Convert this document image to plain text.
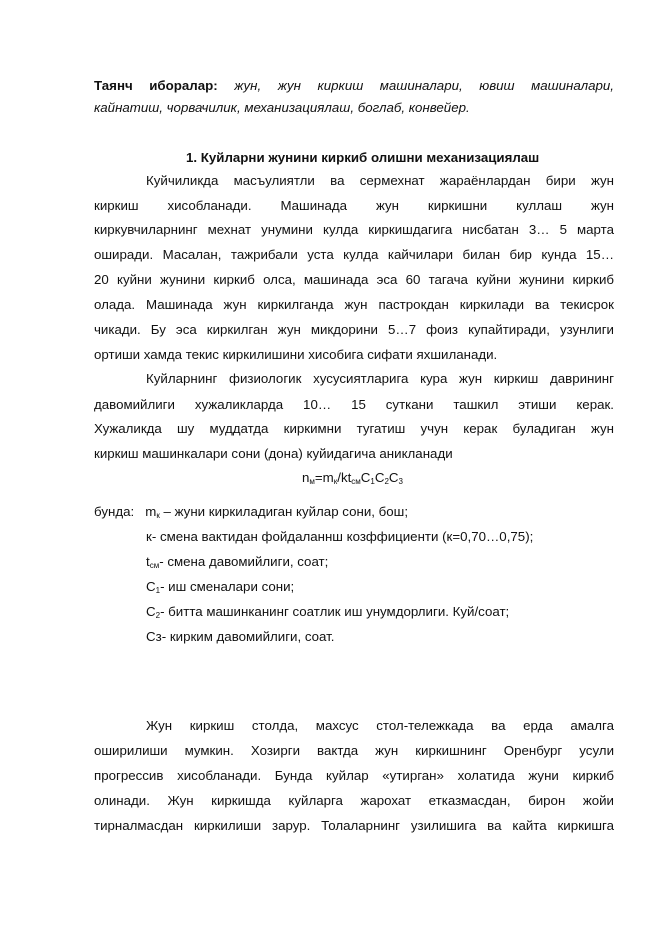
Таянч иборалар: жун, жун киркиш машиналари, ювиш машиналари,
кайнатиш, чорвачилик, механизациялаш, боглаб, конвейер.
1. Куйларни жунини киркиб олишни механизациялаш
Куйчиликда масъулиятли ва сермехнат жараёнлардан бири жун
киркиш хисобланади. Машинада жун киркишни куллаш жун
киркувчиларнинг мехнат унумини кулда киркишдагига нисбатан 3… 5 марта
оширади. Масалан, тажрибали уста кулда кайчилари билан бир кунда 15…
20 куйни жунини киркиб олса, машинада эса 60 тагача куйни жунини киркиб
олада. Машинада жун киркилганда жун пастрокдан киркилади ва текисрок
чикади. Бу эса киркилган жун микдорини 5…7 фоиз купайтиради, узунлиги
ортиши хамда текис киркилишини хисобига сифати яхшиланади.
Куйларнинг физиологик хусусиятларига кура жун киркиш даврининг
давомийлиги хужаликларда 10… 15 суткани ташкил этиши керак.
Хужаликда шу муддатда киркимни тугатиш учун керак буладиган жун
киркиш машинкалари сони (дона) куйидагича аникланади
$n_м=m_к/kt_{см}C_1C_2C_3$
бунда: $m_к$ – жуни киркиладиган куйлар сони, бош;
к- смена вактидан фойдаланнш козффициенти (к=0,70…0,75);
$t_{см}-$ смена давомийлиги, соат;
$С_1-$ иш сменалари сони;
$С_2-$ битта машинканинг соатлик иш унумдорлиги. Куй/соат;
Сз- кирким давомийлиги, соат.
Жун киркиш столда, махсус стол-тележкада ва ерда амалга
оширилиши мумкин. Хозирги вактда жун киркишнинг Оренбург усули
прогрессив хисобланади. Бунда куйлар «утирган» холатида жуни киркиб
олинади. Жун киркишда куйларга жарохат етказмасдан, бирон жойи
тирналмасдан киркилиши зарур. Толаларнинг узилишига ва кайта киркишга
